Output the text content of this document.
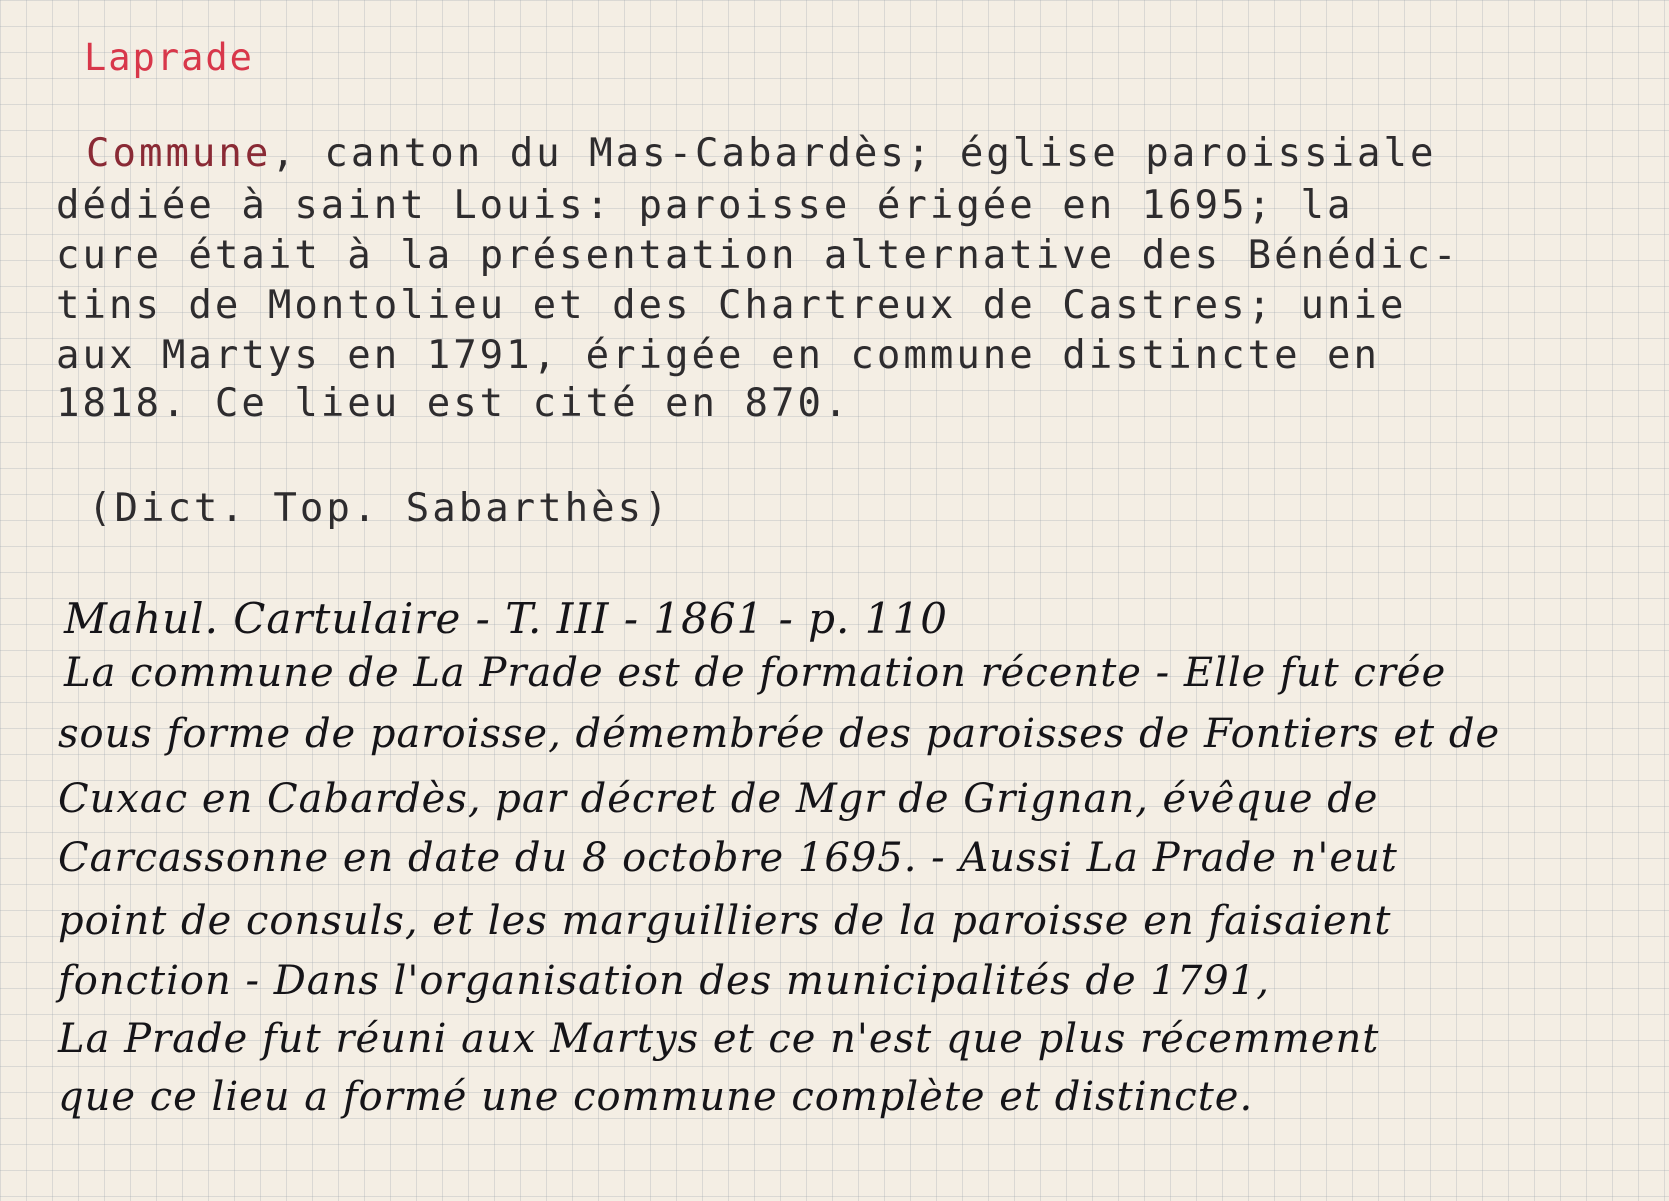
Laprade

Commune, canton du Mas-Cabardès; église paroissiale

dédiée à saint Louis: paroisse érigée en 1695; la

cure était à la présentation alternative des Bénédic-

tins de Montolieu et des Chartreux de Castres; unie

aux Martys en 1791, érigée en commune distincte en

1818. Ce lieu est cité en 870.

(Dict. Top. Sabarthès)

Mahul. Cartulaire - T. III - 1861 - p. 110

La commune de La Prade est de formation récente - Elle fut crée

sous forme de paroisse, démembrée des paroisses de Fontiers et de

Cuxac en Cabardès, par décret de Mgr de Grignan, évêque de

Carcassonne en date du 8 octobre 1695. - Aussi La Prade n'eut

point de consuls, et les marguilliers de la paroisse en faisaient

fonction - Dans l'organisation des municipalités de 1791,

La Prade fut réuni aux Martys et ce n'est que plus récemment

que ce lieu a formé une commune complète et distincte.
